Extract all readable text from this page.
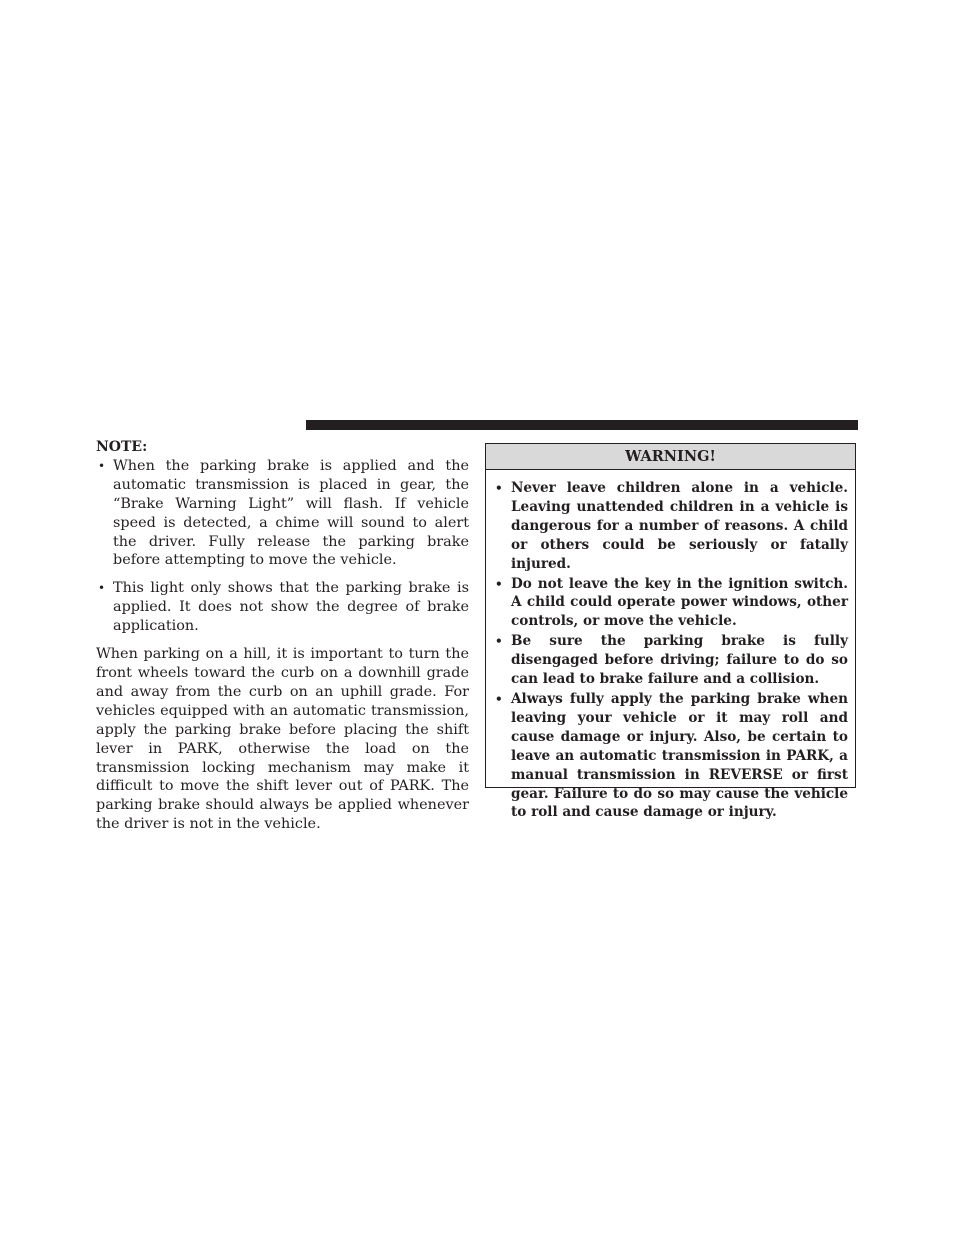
NOTE:

• When the parking brake is applied and the automatic transmission is placed in gear, the “Brake Warning Light” will flash. If vehicle speed is detected, a chime will sound to alert the driver. Fully release the parking brake before attempting to move the vehicle.
• This light only shows that the parking brake is applied. It does not show the degree of brake application.

When parking on a hill, it is important to turn the front wheels toward the curb on a downhill grade and away from the curb on an uphill grade. For vehicles equipped with an automatic transmission, apply the parking brake before placing the shift lever in PARK, otherwise the load on the transmission locking mechanism may make it difficult to move the shift lever out of PARK. The parking brake should always be applied whenever the driver is not in the vehicle.

WARNING!
• Never leave children alone in a vehicle. Leaving unattended children in a vehicle is dangerous for a number of reasons. A child or others could be seriously or fatally injured.
• Do not leave the key in the ignition switch. A child could operate power windows, other controls, or move the vehicle.
• Be sure the parking brake is fully disengaged before driving; failure to do so can lead to brake failure and a collision.
• Always fully apply the parking brake when leaving your vehicle or it may roll and cause damage or injury. Also, be certain to leave an automatic transmission in PARK, a manual transmission in REVERSE or first gear. Failure to do so may cause the vehicle to roll and cause damage or injury.
